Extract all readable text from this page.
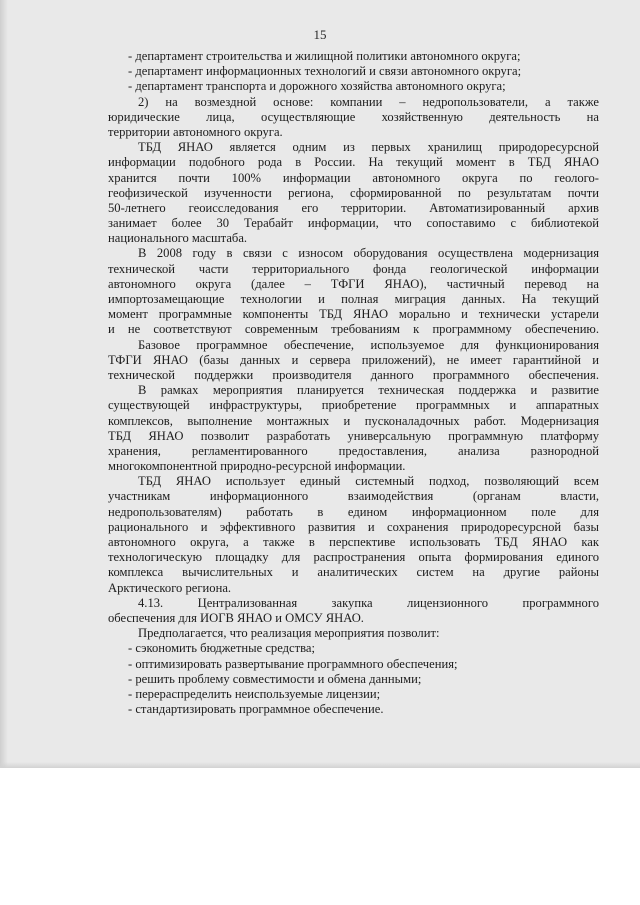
15
- департамент строительства и жилищной политики автономного округа;
- департамент информационных технологий и связи автономного округа;
- департамент транспорта и дорожного хозяйства автономного округа;
2) на возмездной основе: компании – недропользователи, а также
юридические лица, осуществляющие хозяйственную деятельность на
территории автономного округа.
ТБД ЯНАО является одним из первых хранилищ природоресурсной
информации подобного рода в России. На текущий момент в ТБД ЯНАО
хранится почти 100% информации автономного округа по геолого-
геофизической изученности региона, сформированной по результатам почти
50-летнего геоисследования его территории. Автоматизированный архив
занимает более 30 Терабайт информации, что сопоставимо с библиотекой
национального масштаба.
В 2008 году в связи с износом оборудования осуществлена модернизация
технической части территориального фонда геологической информации
автономного округа (далее – ТФГИ ЯНАО), частичный перевод на
импортозамещающие технологии и полная миграция данных. На текущий
момент программные компоненты ТБД ЯНАО морально и технически устарели
и не соответствуют современным требованиям к программному обеспечению.
Базовое программное обеспечение, используемое для функционирования
ТФГИ ЯНАО (базы данных и сервера приложений), не имеет гарантийной и
технической поддержки производителя данного программного обеспечения.
В рамках мероприятия планируется техническая поддержка и развитие
существующей инфраструктуры, приобретение программных и аппаратных
комплексов, выполнение монтажных и пусконаладочных работ. Модернизация
ТБД ЯНАО позволит разработать универсальную программную платформу
хранения, регламентированного предоставления, анализа разнородной
многокомпонентной природно-ресурсной информации.
ТБД ЯНАО использует единый системный подход, позволяющий всем
участникам информационного взаимодействия (органам власти,
недропользователям) работать в едином информационном поле для
рационального и эффективного развития и сохранения природоресурсной базы
автономного округа, а также в перспективе использовать ТБД ЯНАО как
технологическую площадку для распространения опыта формирования единого
комплекса вычислительных и аналитических систем на другие районы
Арктического региона.
4.13. Централизованная закупка лицензионного программного
обеспечения для ИОГВ ЯНАО и ОМСУ ЯНАО.
Предполагается, что реализация мероприятия позволит:
- сэкономить бюджетные средства;
- оптимизировать развертывание программного обеспечения;
- решить проблему совместимости и обмена данными;
- перераспределить неиспользуемые лицензии;
- стандартизировать программное обеспечение.
